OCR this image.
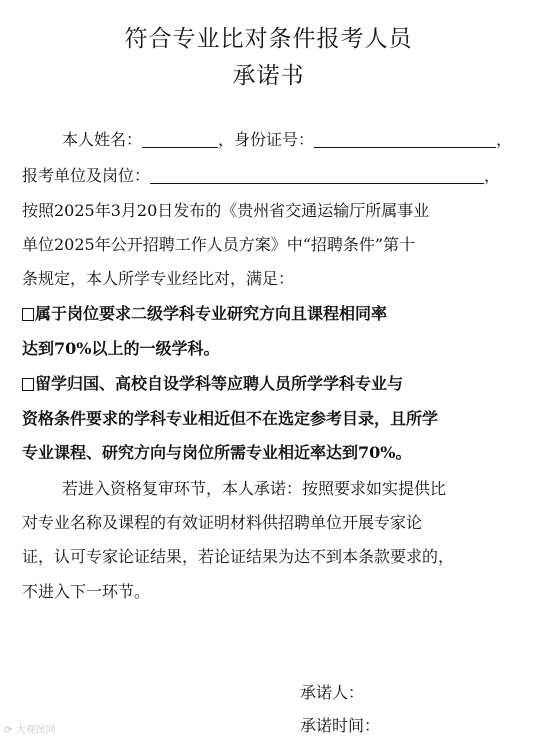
符合专业比对条件报考人员
承诺书
本人姓名：	，身份证号：	，
报考单位及岗位：	，
按照2025年3月20日发布的《贵州省交通运输厅所属事业
单位2025年公开招聘工作人员方案》中“招聘条件”第十
条规定，本人所学专业经比对，满足：
属于岗位要求二级学科专业研究方向且课程相同率
达到70%以上的一级学科。
留学归国、高校自设学科等应聘人员所学学科专业与
资格条件要求的学科专业相近但不在选定参考目录，且所学
专业课程、研究方向与岗位所需专业相近率达到70%。
若进入资格复审环节，本人承诺：按照要求如实提供比
对专业名称及课程的有效证明材料供招聘单位开展专家论
证，认可专家论证结果，若论证结果为达不到本条款要求的，
不进入下一环节。
承诺人：
承诺时间：
⟳ 大观图网
